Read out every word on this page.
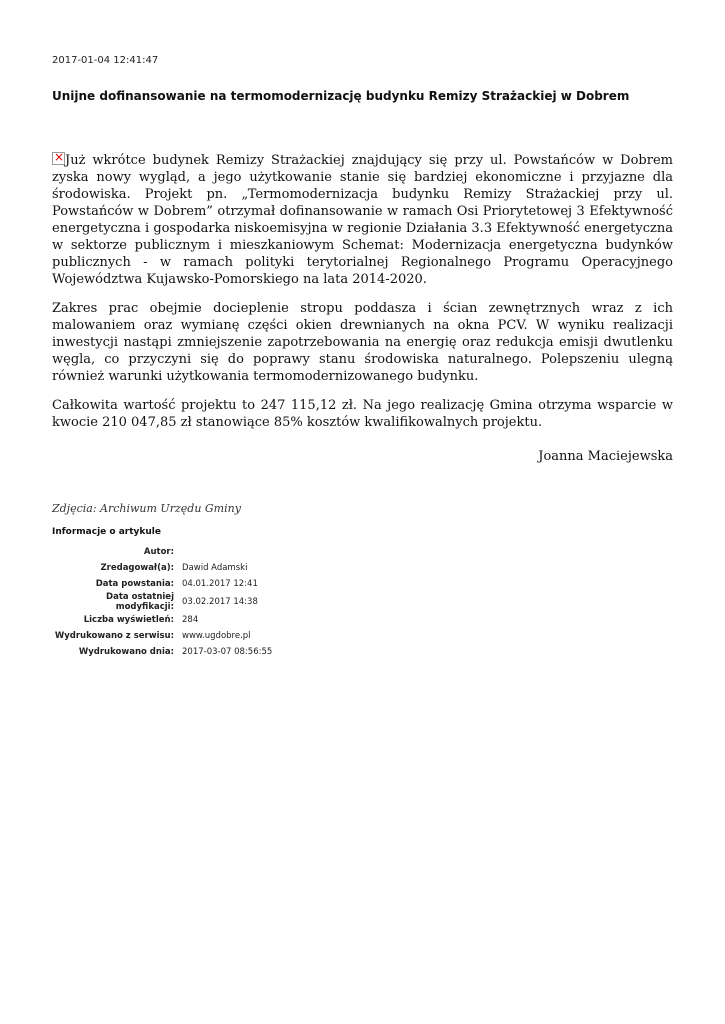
2017-01-04 12:41:47
Unijne dofinansowanie na termomodernizację budynku Remizy Strażackiej w Dobrem

×Już wkrótce budynek Remizy Strażackiej znajdujący się przy ul. Powstańców w Dobrem zyska nowy wygląd, a jego użytkowanie stanie się bardziej ekonomiczne i przyjazne dla środowiska. Projekt pn. „Termomodernizacja budynku Remizy Strażackiej przy ul. Powstańców w Dobrem” otrzymał dofinansowanie w ramach Osi Priorytetowej 3 Efektywność energetyczna i gospodarka niskoemisyjna w regionie Działania 3.3 Efektywność energetyczna w sektorze publicznym i mieszkaniowym Schemat: Modernizacja energetyczna budynków publicznych - w ramach polityki terytorialnej Regionalnego Programu Operacyjnego Województwa Kujawsko-Pomorskiego na lata 2014-2020.

Zakres prac obejmie docieplenie stropu poddasza i ścian zewnętrznych wraz z ich malowaniem oraz wymianę części okien drewnianych na okna PCV. W wyniku realizacji inwestycji nastąpi zmniejszenie zapotrzebowania na energię oraz redukcja emisji dwutlenku węgla, co przyczyni się do poprawy stanu środowiska naturalnego. Polepszeniu ulegną również warunki użytkowania termomodernizowanego budynku.

Całkowita wartość projektu to 247 115,12 zł. Na jego realizację Gmina otrzyma wsparcie w kwocie 210 047,85 zł stanowiące 85% kosztów kwalifikowalnych projektu.

Joanna Maciejewska
Zdjęcia: Archiwum Urzędu Gminy
Informacje o artykule
Autor:	
Zredagował(a):	Dawid Adamski
Data powstania:	04.01.2017 12:41
Data ostatniej modyfikacji:	03.02.2017 14:38
Liczba wyświetleń:	284
Wydrukowano z serwisu:	www.ugdobre.pl
Wydrukowano dnia:	2017-03-07 08:56:55
